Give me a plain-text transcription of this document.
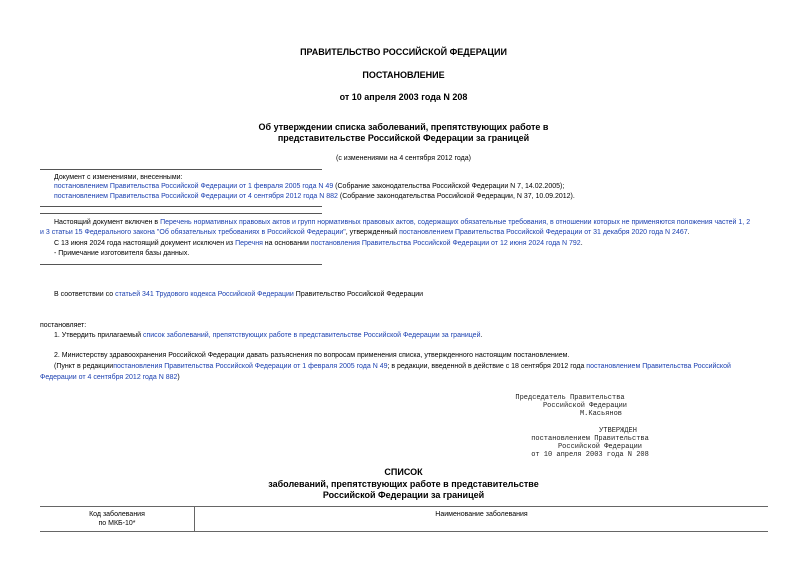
ПРАВИТЕЛЬСТВО РОССИЙСКОЙ ФЕДЕРАЦИИ
ПОСТАНОВЛЕНИЕ
от 10 апреля 2003 года N 208
Об утверждении списка заболеваний, препятствующих работе в
представительстве Российской Федерации за границей
(с изменениями на 4 сентября 2012 года)
Документ с изменениями, внесенными:
постановлением Правительства Российской Федерации от 1 февраля 2005 года N 49 (Собрание законодательства Российской Федерации N 7, 14.02.2005);
постановлением Правительства Российской Федерации от 4 сентября 2012 года N 882 (Собрание законодательства Российской Федерации, N 37, 10.09.2012).
Настоящий документ включен в Перечень нормативных правовых актов и групп нормативных правовых актов, содержащих обязательные требования, в отношении которых не применяются положения частей 1, 2
и 3 статьи 15 Федерального закона "Об обязательных требованиях в Российской Федерации", утвержденный постановлением Правительства Российской Федерации от 31 декабря 2020 года N 2467.
С 13 июня 2024 года настоящий документ исключен из Перечня на основании постановления Правительства Российской Федерации от 12 июня 2024 года N 792.
- Примечание изготовителя базы данных.
В соответствии со статьей 341 Трудового кодекса Российской Федерации Правительство Российской Федерации
постановляет:
1. Утвердить прилагаемый список заболеваний, препятствующих работе в представительстве Российской Федерации за границей.
2. Министерству здравоохранения Российской Федерации давать разъяснения по вопросам применения списка, утвержденного настоящим постановлением.
(Пункт в редакциипостановления Правительства Российской Федерации от 1 февраля 2005 года N 49; в редакции, введенной в действие с 18 сентября 2012 года постановлением Правительства Российской
Федерации от 4 сентября 2012 года N 882)
Председатель Правительства
Российской Федерации
М.Касьянов
УТВЕРЖДЕН
постановлением Правительства
Российской Федерации
от 10 апреля 2003 года N 208
СПИСОК
заболеваний, препятствующих работе в представительстве
Российской Федерации за границей
Код заболевания
по МКБ-10*
	Наименование заболевания
